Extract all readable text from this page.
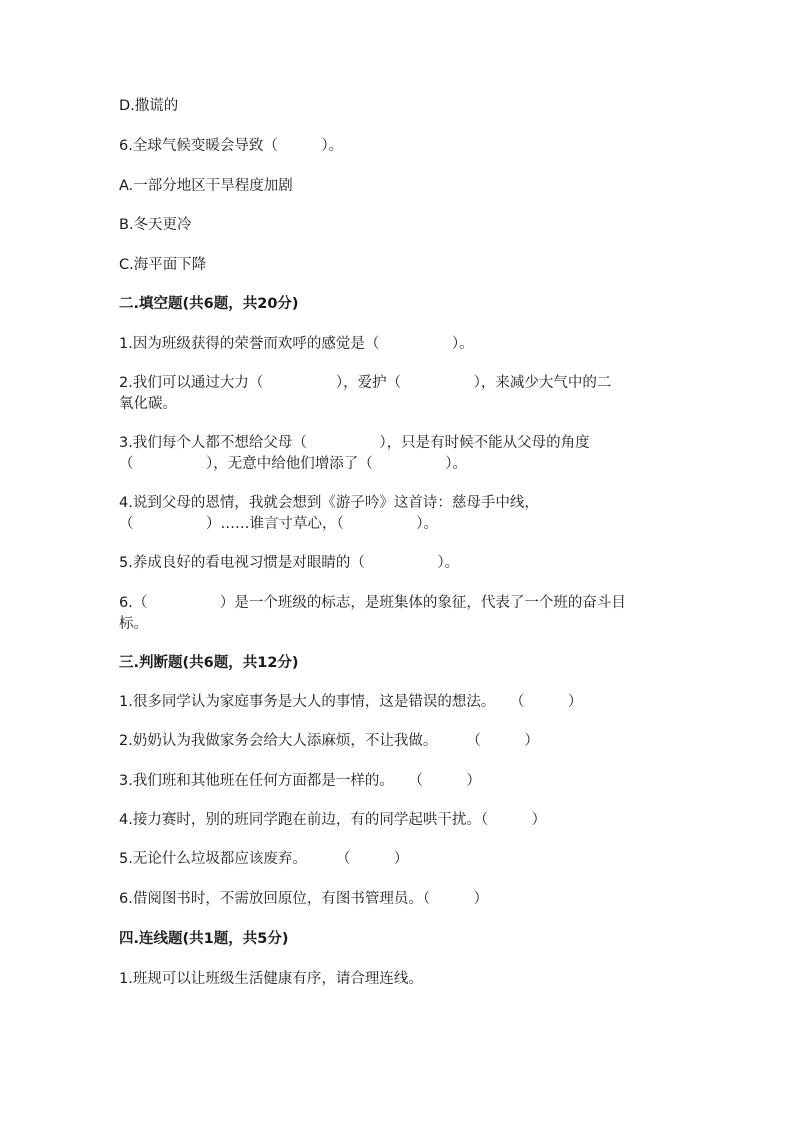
D.撒谎的
6.全球气候变暖会导致（　　　）。
A.一部分地区干旱程度加剧
B.冬天更冷
C.海平面下降
二.填空题(共6题，共20分)
1.因为班级获得的荣誉而欢呼的感觉是（　　　　　）。
2.我们可以通过大力（　　　　　），爱护（　　　　　），来减少大气中的二
氧化碳。
3.我们每个人都不想给父母（　　　　　），只是有时候不能从父母的角度
（　　　　　），无意中给他们增添了（　　　　　）。
4.说到父母的恩情，我就会想到《游子吟》这首诗：慈母手中线，
（　　　　　）……谁言寸草心，（　　　　　）。
5.养成良好的看电视习惯是对眼睛的（　　　　　）。
6.（　　　　　）是一个班级的标志，是班集体的象征，代表了一个班的奋斗目
标。
三.判断题(共6题，共12分)
1.很多同学认为家庭事务是大人的事情，这是错误的想法。　　（　　　）
2.奶奶认为我做家务会给大人添麻烦，不让我做。　　　（　　　）
3.我们班和其他班在任何方面都是一样的。　　（　　　）
4.接力赛时，别的班同学跑在前边，有的同学起哄干扰。（　　　）
5.无论什么垃圾都应该废弃。　　　（　　　）
6.借阅图书时，不需放回原位，有图书管理员。（　　　）
四.连线题(共1题，共5分)
1.班规可以让班级生活健康有序，请合理连线。
